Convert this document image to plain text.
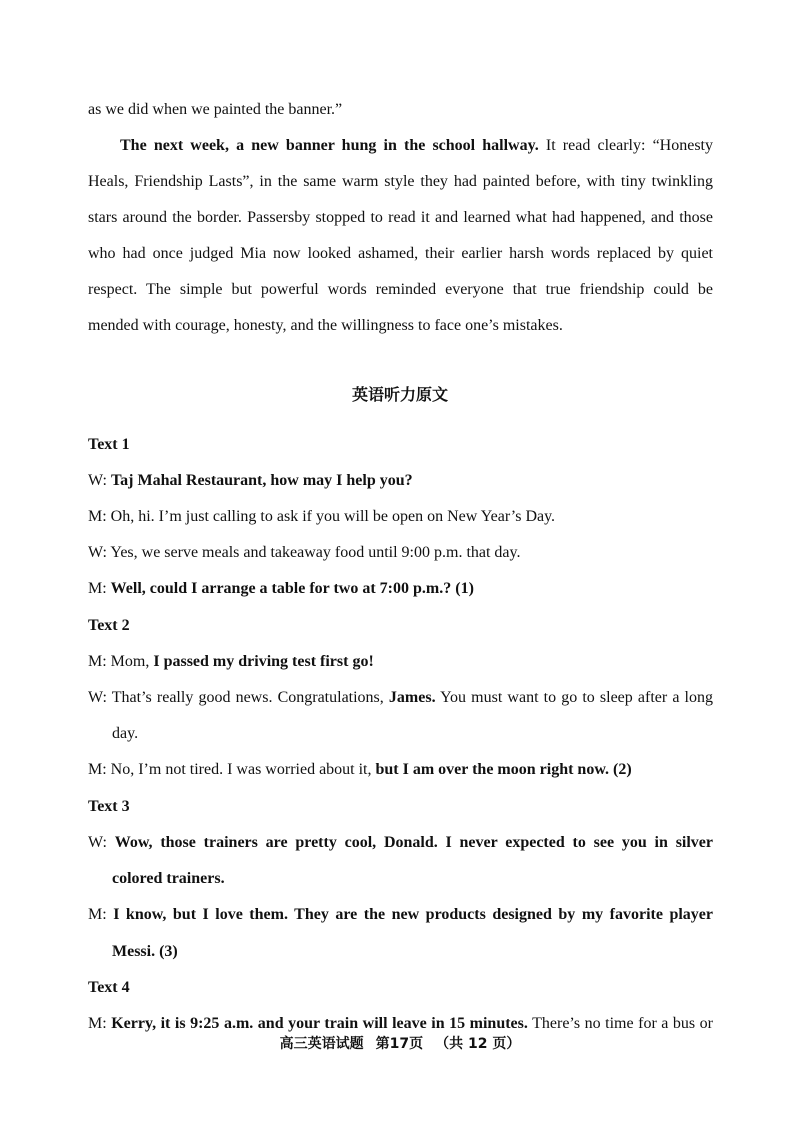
as we did when we painted the banner.”
The next week, a new banner hung in the school hallway. It read clearly: “Honesty
Heals, Friendship Lasts”, in the same warm style they had painted before, with tiny twinkling
stars around the border. Passersby stopped to read it and learned what had happened, and those
who had once judged Mia now looked ashamed, their earlier harsh words replaced by quiet
respect. The simple but powerful words reminded everyone that true friendship could be
mended with courage, honesty, and the willingness to face one’s mistakes.
英语听力原文
Text 1
W: Taj Mahal Restaurant, how may I help you?
M: Oh, hi. I’m just calling to ask if you will be open on New Year’s Day.
W: Yes, we serve meals and takeaway food until 9:00 p.m. that day.
M: Well, could I arrange a table for two at 7:00 p.m.? (1)
Text 2
M: Mom, I passed my driving test first go!
W: That’s really good news. Congratulations, James. You must want to go to sleep after a long
day.
M: No, I’m not tired. I was worried about it, but I am over the moon right now. (2)
Text 3
W: Wow, those trainers are pretty cool, Donald. I never expected to see you in silver
colored trainers.
M: I know, but I love them. They are the new products designed by my favorite player
Messi. (3)
Text 4
M: Kerry, it is 9:25 a.m. and your train will leave in 15 minutes. There’s no time for a bus or
高三英语试题 第17页 （共 12 页）
